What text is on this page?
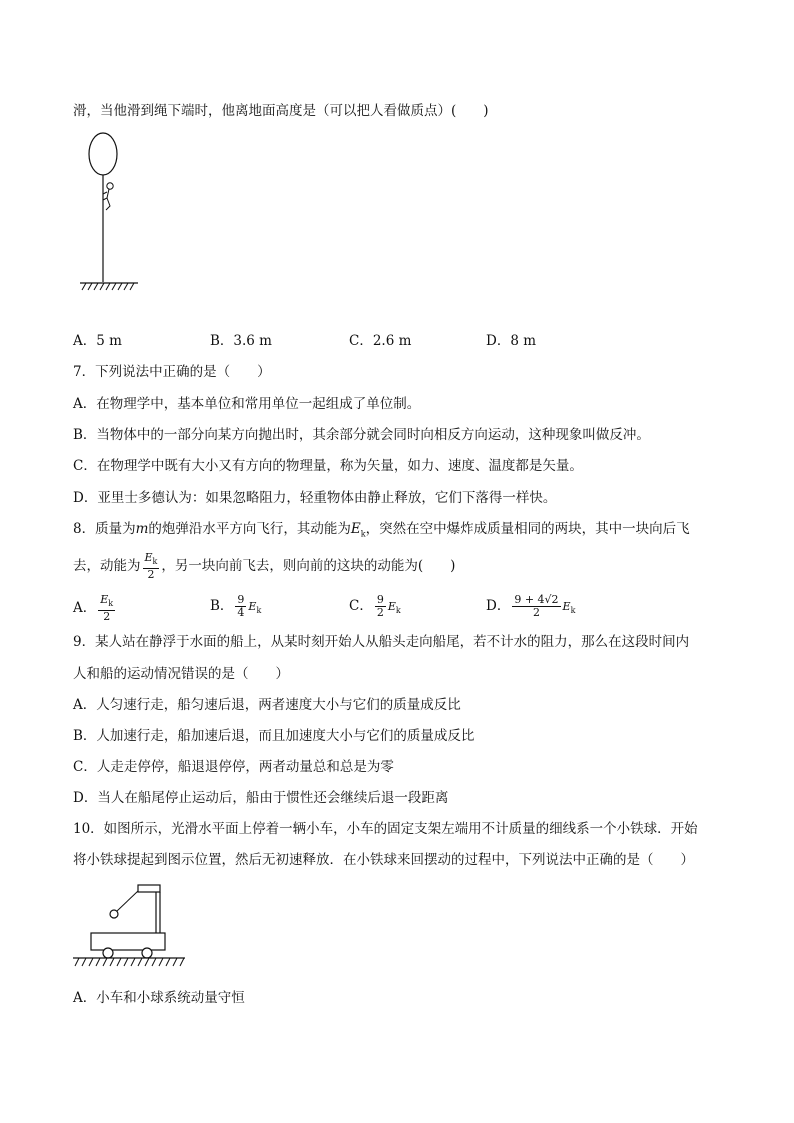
滑，当他滑到绳下端时，他离地面高度是（可以把人看做质点）(　　)
A．5 m	B．3.6 m	C．2.6 m	D．8 m
7．下列说法中正确的是（　　）
A．在物理学中，基本单位和常用单位一起组成了单位制。
B．当物体中的一部分向某方向抛出时，其余部分就会同时向相反方向运动，这种现象叫做反冲。
C．在物理学中既有大小又有方向的物理量，称为矢量，如力、速度、温度都是矢量。
D．亚里士多德认为：如果忽略阻力，轻重物体由静止释放，它们下落得一样快。
8．质量为m的炮弹沿水平方向飞行，其动能为$E_k$，突然在空中爆炸成质量相同的两块，其中一块向后飞
去，动能为 $\frac{E_k}{2}$ ，另一块向前飞去，则向前的这块的动能为(　　)
A． $\frac{E_k}{2}$	B． $\frac{9}{4} E_k$	C． $\frac{9}{2} E_k$	D． $\frac{9 + 4√2}{2} E_k$
9．某人站在静浮于水面的船上，从某时刻开始人从船头走向船尾，若不计水的阻力，那么在这段时间内
人和船的运动情况错误的是（　　）
A．人匀速行走，船匀速后退，两者速度大小与它们的质量成反比
B．人加速行走，船加速后退，而且加速度大小与它们的质量成反比
C．人走走停停，船退退停停，两者动量总和总是为零
D．当人在船尾停止运动后，船由于惯性还会继续后退一段距离
10．如图所示，光滑水平面上停着一辆小车，小车的固定支架左端用不计质量的细线系一个小铁球．开始
将小铁球提起到图示位置，然后无初速释放．在小铁球来回摆动的过程中，下列说法中正确的是（　　）
A．小车和小球系统动量守恒
